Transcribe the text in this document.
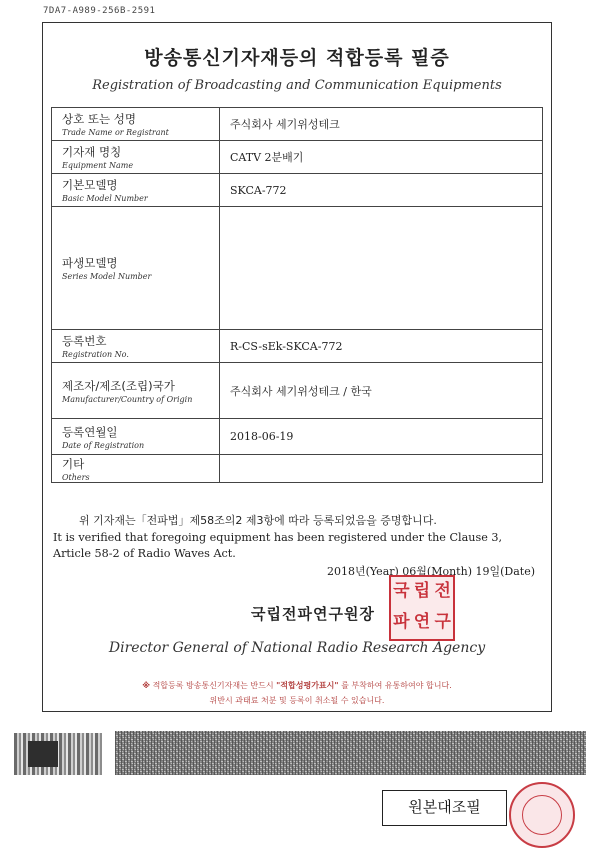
7DA7-A989-256B-2591
방송통신기자재등의 적합등록 필증
Registration of Broadcasting and Communication Equipments
상호 또는 성명
Trade Name or Registrant	주식회사 세기위성테크

기자재 명칭
Equipment Name	CATV 2분배기

기본모델명
Basic Model Number	SKCA-772

파생모델명
Series Model Number	

등록번호
Registration No.	R-CS-sEk-SKCA-772

제조자/제조(조립)국가
Manufacturer/Country of Origin	주식회사 세기위성테크 / 한국

등록연월일
Date of Registration	2018-06-19

기타
Others	

위 기자재는「전파법」제58조의2 제3항에 따라 등록되었음을 증명합니다.
It is verified that foregoing equipment has been registered under the Clause 3,
Article 58-2 of Radio Waves Act.
2018년(Year) 06월(Month) 19일(Date)
국립전파연구원장
국 립 전
파 연 구
Director General of National Radio Research Agency
※ 적합등록 방송통신기자재는 반드시 "적합성평가표시" 를 부착하여 유통하여야 합니다.
위반시 과태료 처분 및 등록이 취소될 수 있습니다.
원본대조필
